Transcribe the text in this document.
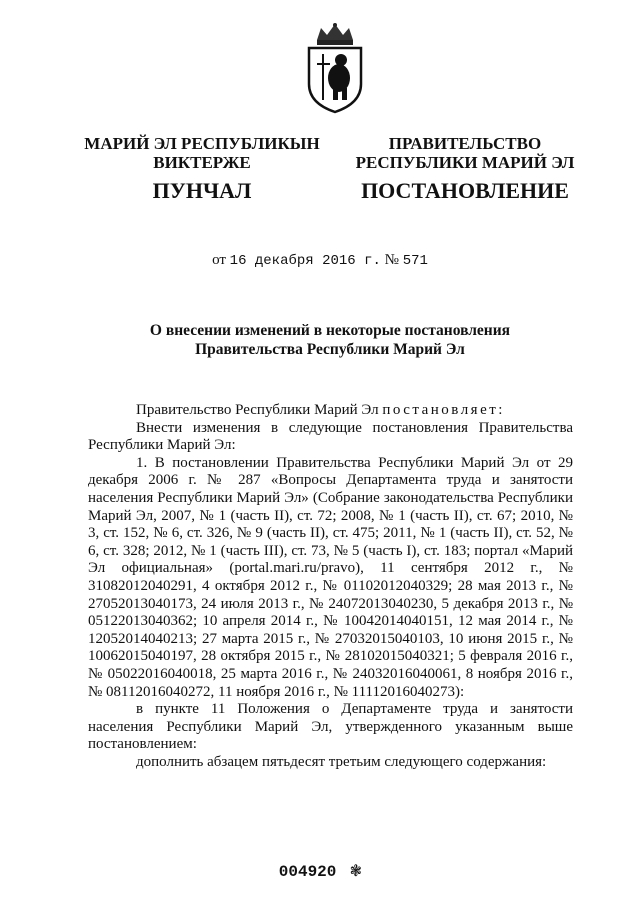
МАРИЙ ЭЛ РЕСПУБЛИКЫН
ВИКТЕРЖЕ
ПРАВИТЕЛЬСТВО
РЕСПУБЛИКИ МАРИЙ ЭЛ
ПУНЧАЛ	ПОСТАНОВЛЕНИЕ
от 16 декабря 2016 г. № 571
О внесении изменений в некоторые постановления
Правительства Республики Марий Эл

Правительство Республики Марий Эл постановляет:

Внести изменения в следующие постановления Правительства Республики Марий Эл:

1. В постановлении Правительства Республики Марий Эл от 29 декабря 2006 г. № 287 «Вопросы Департамента труда и занятости населения Республики Марий Эл» (Собрание законодательства Республики Марий Эл, 2007, № 1 (часть II), ст. 72; 2008, № 1 (часть II), ст. 67; 2010, № 3, ст. 152, № 6, ст. 326, № 9 (часть II), ст. 475; 2011, № 1 (часть II), ст. 52, № 6, ст. 328; 2012, № 1 (часть III), ст. 73, № 5 (часть I), ст. 183; портал «Марий Эл официальная» (portal.mari.ru/pravo), 11 сентября 2012 г., № 31082012040291, 4 октября 2012 г., № 01102012040329; 28 мая 2013 г., № 27052013040173, 24 июля 2013 г., № 24072013040230, 5 декабря 2013 г., № 05122013040362; 10 апреля 2014 г., № 10042014040151, 12 мая 2014 г., № 12052014040213; 27 марта 2015 г., № 27032015040103, 10 июня 2015 г., № 10062015040197, 28 октября 2015 г., № 28102015040321; 5 февраля 2016 г., № 05022016040018, 25 марта 2016 г., № 24032016040061, 8 ноября 2016 г., № 08112016040272, 11 ноября 2016 г., № 11112016040273):

в пункте 11 Положения о Департаменте труда и занятости населения Республики Марий Эл, утвержденного указанным выше постановлением:

дополнить абзацем пятьдесят третьим следующего содержания:

004920 ❃
